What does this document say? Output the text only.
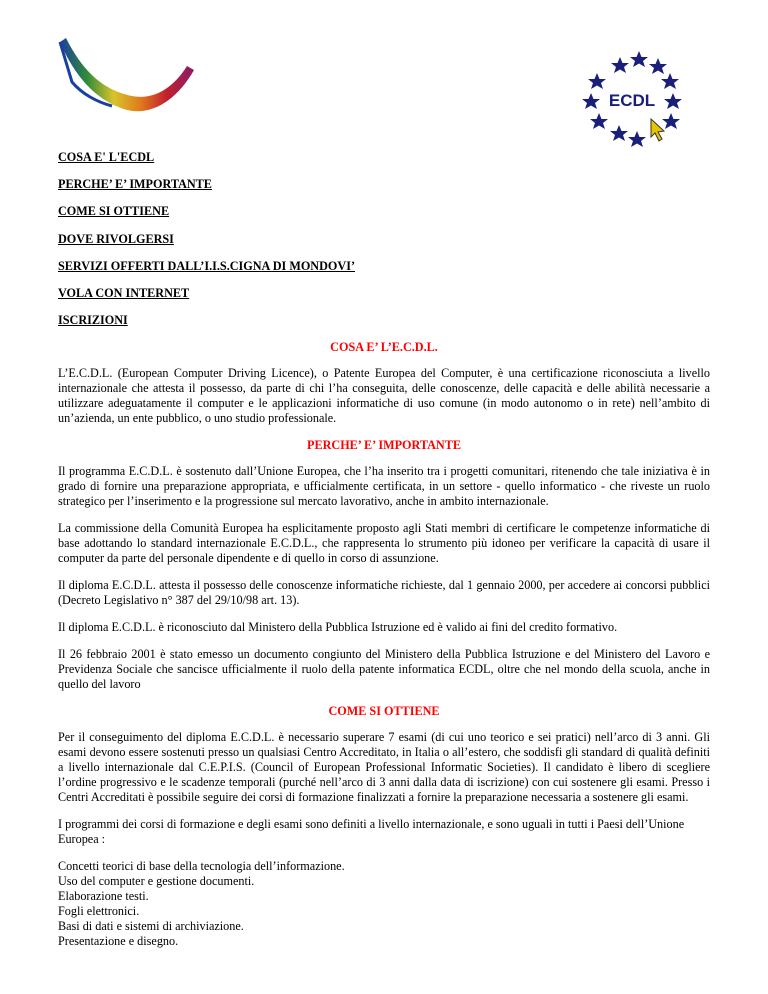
ECDL
COSA E' L'ECDL
PERCHE’ E’ IMPORTANTE
COME SI OTTIENE
DOVE RIVOLGERSI
SERVIZI OFFERTI DALL’I.I.S.CIGNA DI MONDOVI’
VOLA CON INTERNET
ISCRIZIONI
COSA E’ L’E.C.D.L.

L’E.C.D.L. (European Computer Driving Licence), o Patente Europea del Computer, è una certificazione riconosciuta a livello internazionale che attesta il possesso, da parte di chi l’ha conseguita, delle conoscenze, delle capacità e delle abilità necessarie a utilizzare adeguatamente il computer e le applicazioni informatiche di uso comune (in modo autonomo o in rete) nell’ambito di un’azienda, un ente pubblico, o uno studio professionale.

PERCHE’ E’ IMPORTANTE

Il programma E.C.D.L. è sostenuto dall’Unione Europea, che l’ha inserito tra i progetti comunitari, ritenendo che tale iniziativa è in grado di fornire una preparazione appropriata, e ufficialmente certificata, in un settore - quello informatico - che riveste un ruolo strategico per l’inserimento e la progressione sul mercato lavorativo, anche in ambito internazionale.

La commissione della Comunità Europea ha esplicitamente proposto agli Stati membri di certificare le competenze informatiche di base adottando lo standard internazionale E.C.D.L., che rappresenta lo strumento più idoneo per verificare la capacità di usare il computer da parte del personale dipendente e di quello in corso di assunzione.

Il diploma E.C.D.L. attesta il possesso delle conoscenze informatiche richieste, dal 1 gennaio 2000, per accedere ai concorsi pubblici (Decreto Legislativo n° 387 del 29/10/98 art. 13).

Il diploma E.C.D.L. è riconosciuto dal Ministero della Pubblica Istruzione ed è valido ai fini del credito formativo.

Il 26 febbraio 2001 è stato emesso un documento congiunto del Ministero della Pubblica Istruzione e del Ministero del Lavoro e Previdenza Sociale che sancisce ufficialmente il ruolo della patente informatica ECDL, oltre che nel mondo della scuola, anche in quello del lavoro

COME SI OTTIENE

Per il conseguimento del diploma E.C.D.L. è necessario superare 7 esami (di cui uno teorico e sei pratici) nell’arco di 3 anni. Gli esami devono essere sostenuti presso un qualsiasi Centro Accreditato, in Italia o all’estero, che soddisfi gli standard di qualità definiti a livello internazionale dal C.E.P.I.S. (Council of European Professional Informatic Societies). Il candidato è libero di scegliere l’ordine progressivo e le scadenze temporali (purché nell’arco di 3 anni dalla data di iscrizione) con cui sostenere gli esami. Presso i Centri Accreditati è possibile seguire dei corsi di formazione finalizzati a fornire la preparazione necessaria a sostenere gli esami.

I programmi dei corsi di formazione e degli esami sono definiti a livello internazionale, e sono uguali in tutti i Paesi dell’Unione Europea :

Concetti teorici di base della tecnologia dell’informazione.
Uso del computer e gestione documenti.
Elaborazione testi.
Fogli elettronici.
Basi di dati e sistemi di archiviazione.
Presentazione e disegno.
